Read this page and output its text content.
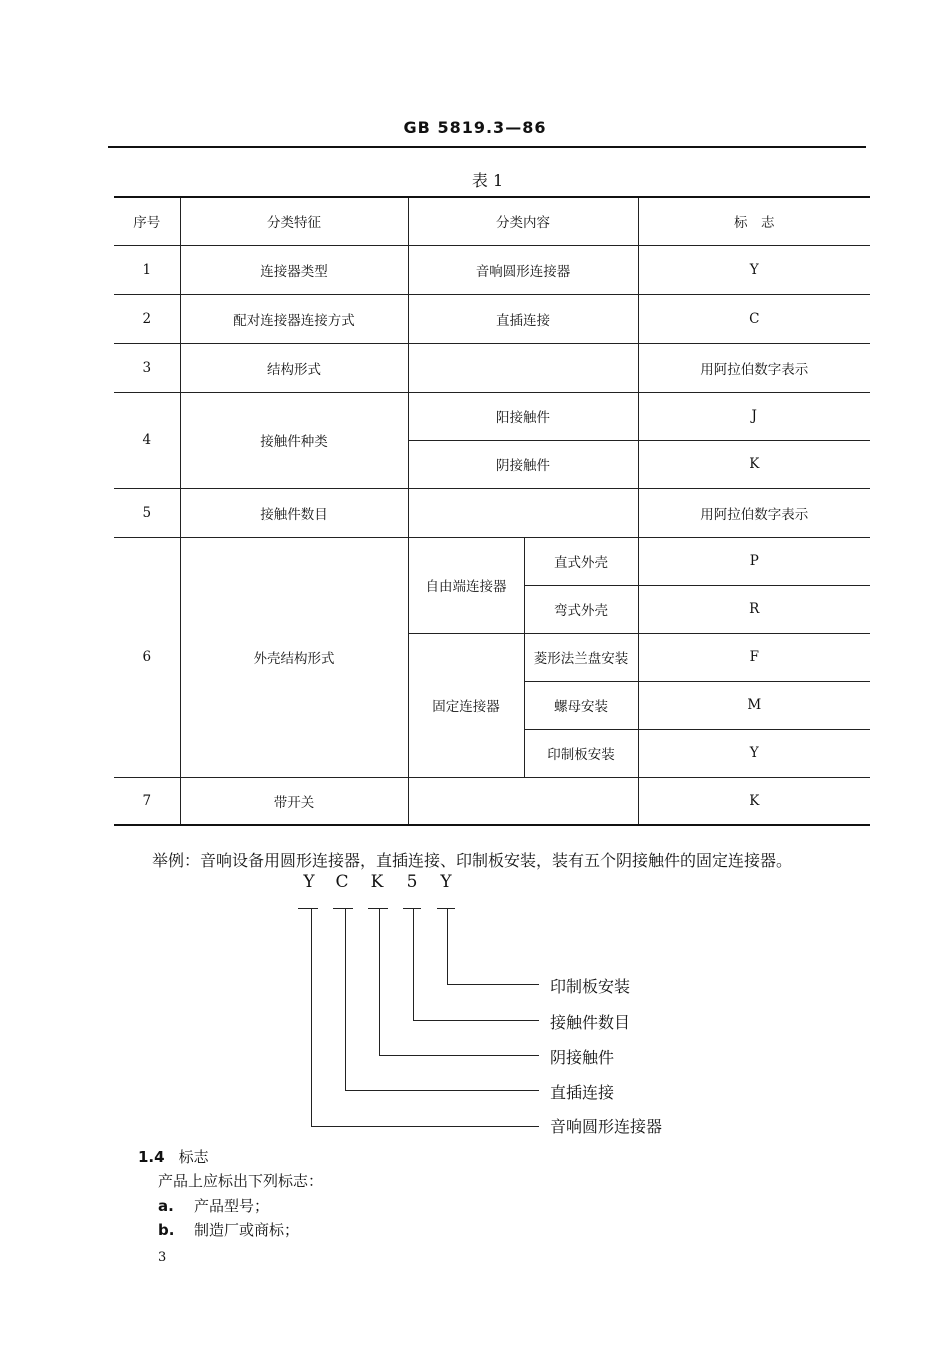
GB 5819.3—86
表 1
序号	分类特征	分类内容		标　志
1	连接器类型	音响圆形连接器		Y
2	配对连接器连接方式	直插连接		C
3	结构形式			用阿拉伯数字表示
4	接触件种类	阳接触件		J
		阴接触件		K
5	接触件数目			用阿拉伯数字表示
6	外壳结构形式	自由端连接器	直式外壳	P
			弯式外壳	R
		固定连接器	菱形法兰盘安装	F
			螺母安装	M
			印制板安装	Y
7	带开关			K
举例：音响设备用圆形连接器，直插连接、印制板安装，装有五个阴接触件的固定连接器。
Y	C K	5	Y
印制板安装
接触件数目
阴接触件
直插连接
音响圆形连接器
1.4 标志
产品上应标出下列标志：
a. 产品型号；
b. 制造厂或商标；
3
